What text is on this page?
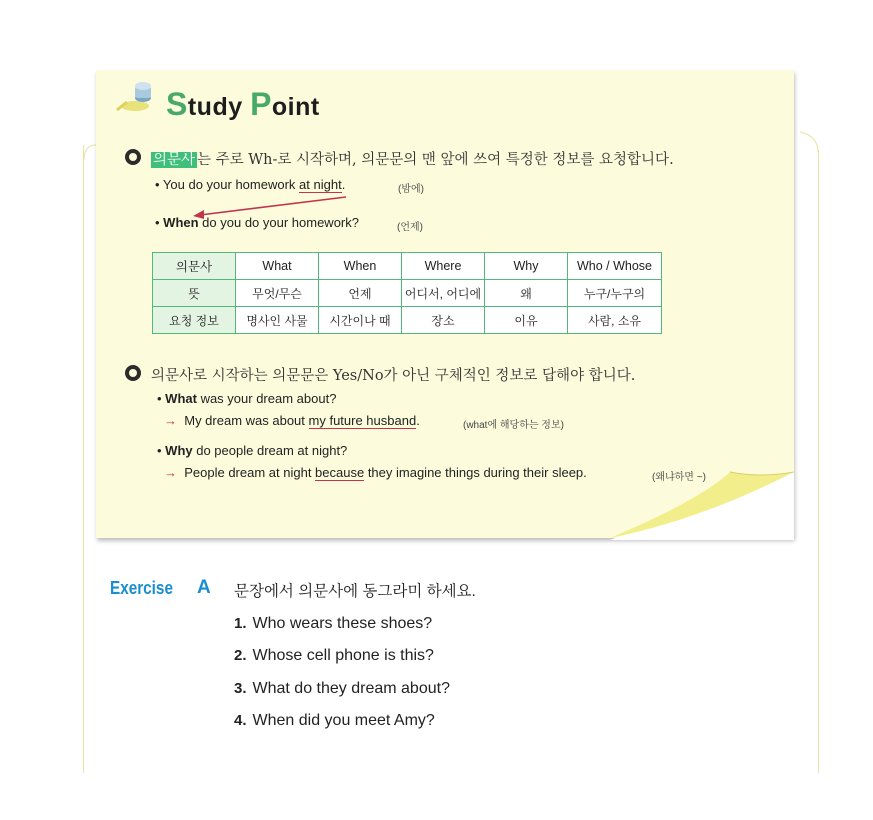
Study Point
의문사 는 주로 Wh-로 시작하며, 의문문의 맨 앞에 쓰여 특정한 정보를 요청합니다.
• You do your homework at night.	(밤에)
• When do you do your homework?	(언제)
의문사	What	When	Where	Why	Who / Whose
뜻	무엇/무슨	언제	어디서, 어디에	왜	누구/누구의
요청 정보	명사인 사물	시간이나 때	장소	이유	사람, 소유
의문사로 시작하는 의문문은 Yes/No가 아닌 구체적인 정보로 답해야 합니다.
• What was your dream about?
→ My dream was about my future husband.	(what에 해당하는 정보)
• Why do people dream at night?
→ People dream at night because they imagine things during their sleep.	(왜냐하면 ~)
Exercise A 문장에서 의문사에 동그라미 하세요.
1. Who wears these shoes?
2. Whose cell phone is this?
3. What do they dream about?
4. When did you meet Amy?
